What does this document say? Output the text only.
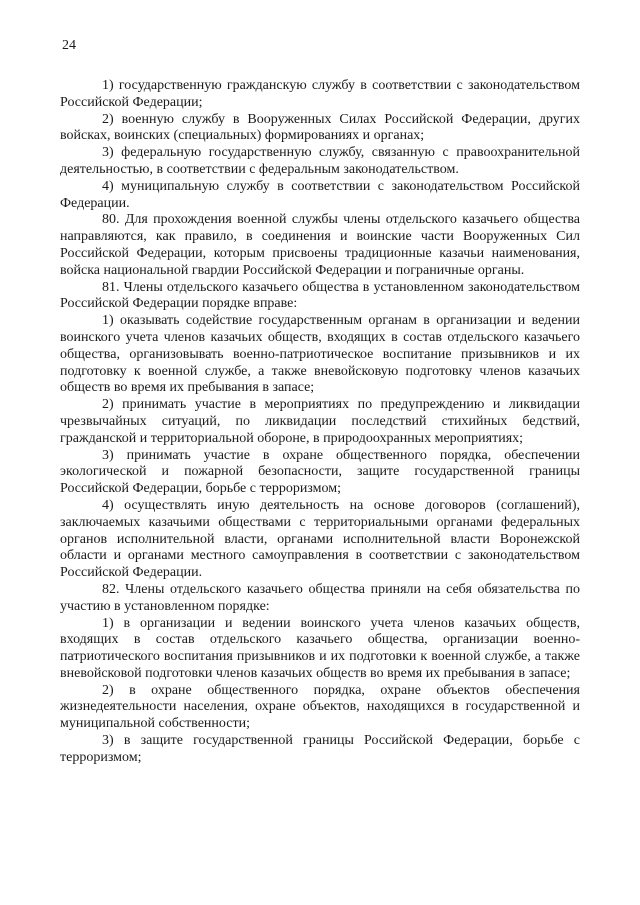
24

1) государственную гражданскую службу в соответствии с законодательством Российской Федерации;

2) военную службу в Вооруженных Силах Российской Федерации, других войсках, воинских (специальных) формированиях и органах;

3) федеральную государственную службу, связанную с правоохранительной деятельностью, в соответствии с федеральным законодательством.

4) муниципальную службу в соответствии с законодательством Российской Федерации.

80. Для прохождения военной службы члены отдельского казачьего общества направляются, как правило, в соединения и воинские части Вооруженных Сил Российской Федерации, которым присвоены традиционные казачьи наименования, войска национальной гвардии Российской Федерации и пограничные органы.

81. Члены отдельского казачьего общества в установленном законодательством Российской Федерации порядке вправе:

1) оказывать содействие государственным органам в организации и ведении воинского учета членов казачьих обществ, входящих в состав отдельского казачьего общества, организовывать военно-патриотическое воспитание призывников и их подготовку к военной службе, а также вневойсковую подготовку членов казачьих обществ во время их пребывания в запасе;

2) принимать участие в мероприятиях по предупреждению и ликвидации чрезвычайных ситуаций, по ликвидации последствий стихийных бедствий, гражданской и территориальной обороне, в природоохранных мероприятиях;

3) принимать участие в охране общественного порядка, обеспечении экологической и пожарной безопасности, защите государственной границы Российской Федерации, борьбе с терроризмом;

4) осуществлять иную деятельность на основе договоров (соглашений), заключаемых казачьими обществами с территориальными органами федеральных органов исполнительной власти, органами исполнительной власти Воронежской области и органами местного самоуправления в соответствии с законодательством Российской Федерации.

82. Члены отдельского казачьего общества приняли на себя обязательства по участию в установленном порядке:

1) в организации и ведении воинского учета членов казачьих обществ, входящих в состав отдельского казачьего общества, организации военно-патриотического воспитания призывников и их подготовки к военной службе, а также вневойсковой подготовки членов казачьих обществ во время их пребывания в запасе;

2) в охране общественного порядка, охране объектов обеспечения жизнедеятельности населения, охране объектов, находящихся в государственной и муниципальной собственности;

3) в защите государственной границы Российской Федерации, борьбе с терроризмом;
